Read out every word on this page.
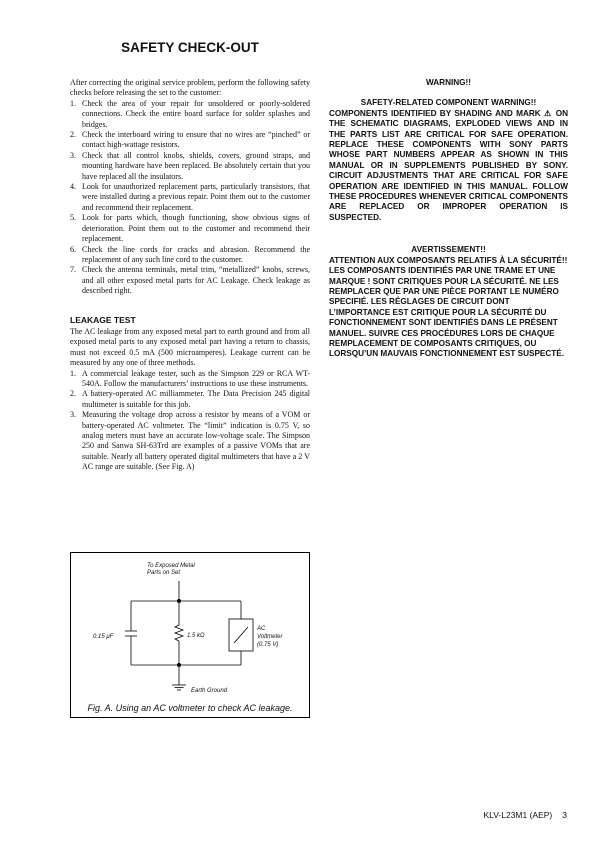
SAFETY CHECK-OUT

After correcting the original service problem, perform the following safety checks before releasing the set to the customer:

1. Check the area of your repair for unsoldered or poorly-soldered connections. Check the entire board surface for solder splashes and bridges.
2. Check the interboard wiring to ensure that no wires are “pinched” or contact high-wattage resistors.
3. Check that all control knobs, shields, covers, ground straps, and mounting hardware have been replaced. Be absolutely certain that you have replaced all the insulators.
4. Look for unauthorized replacement parts, particularly transistors, that were installed during a previous repair. Point them out to the customer and recommend their replacement.
5. Look for parts which, though functioning, show obvious signs of deterioration. Point them out to the customer and recommend their replacement.
6. Check the line cords for cracks and abrasion. Recommend the replacement of any such line cord to the customer.
7. Check the antenna terminals, metal trim, “metallized” knobs, screws, and all other exposed metal parts for AC Leakage. Check leakage as described right.

LEAKAGE TEST

The AC leakage from any exposed metal part to earth ground and from all exposed metal parts to any exposed metal part having a return to chassis, must not exceed 0.5 mA (500 microamperes). Leakage current can be measured by any one of three methods.

1. A commercial leakage tester, such as the Simpson 229 or RCA WT-540A. Follow the manufacturers’ instructions to use these instruments.
2. A battery-operated AC milliammeter. The Data Precision 245 digital multimeter is suitable for this job.
3. Measuring the voltage drop across a resistor by means of a VOM or battery-operated AC voltmeter. The “limit” indication is 0.75 V, so analog meters must have an accurate low-voltage scale. The Simpson 250 and Sanwa SH-63Trd are examples of a passive VOMs that are suitable. Nearly all battery operated digital multimeters that have a 2 V AC range are suitable. (See Fig. A)

WARNING!!

SAFETY-RELATED COMPONENT WARNING!!

COMPONENTS IDENTIFIED BY SHADING AND MARK ⚠ ON THE SCHEMATIC DIAGRAMS, EXPLODED VIEWS AND IN THE PARTS LIST ARE CRITICAL FOR SAFE OPERATION. REPLACE THESE COMPONENTS WITH SONY PARTS WHOSE PART NUMBERS APPEAR AS SHOWN IN THIS MANUAL OR IN SUPPLEMENTS PUBLISHED BY SONY. CIRCUIT ADJUSTMENTS THAT ARE CRITICAL FOR SAFE OPERATION ARE IDENTIFIED IN THIS MANUAL. FOLLOW THESE PROCEDURES WHENEVER CRITICAL COMPONENTS ARE REPLACED OR IMPROPER OPERATION IS SUSPECTED.

AVERTISSEMENT!!

ATTENTION AUX COMPOSANTS RELATIFS À LA SÉCURITÉ!!

LES COMPOSANTS IDENTIFIÉS PAR UNE TRAME ET UNE MARQUE ! SONT CRITIQUES POUR LA SÉCURITÉ. NE LES REMPLACER QUE PAR UNE PIÈCE PORTANT LE NUMÉRO SPECIFIÉ. LES RÉGLAGES DE CIRCUIT DONT L’IMPORTANCE EST CRITIQUE POUR LA SÉCURITÉ DU FONCTIONNEMENT SONT IDENTIFIÉS DANS LE PRÉSENT MANUEL. SUIVRE CES PROCÉDURES LORS DE CHAQUE REMPLACEMENT DE COMPOSANTS CRITIQUES, OU LORSQU’UN MAUVAIS FONCTIONNEMENT EST SUSPECTÉ.

To Exposed Metal
Parts on Set
0.15 μF	1.5 kΩ
AC
Voltmeter
(0.75 V)
Earth Ground
Fig. A. Using an AC voltmeter to check AC leakage.
KLV-L23M1 (AEP) 3
